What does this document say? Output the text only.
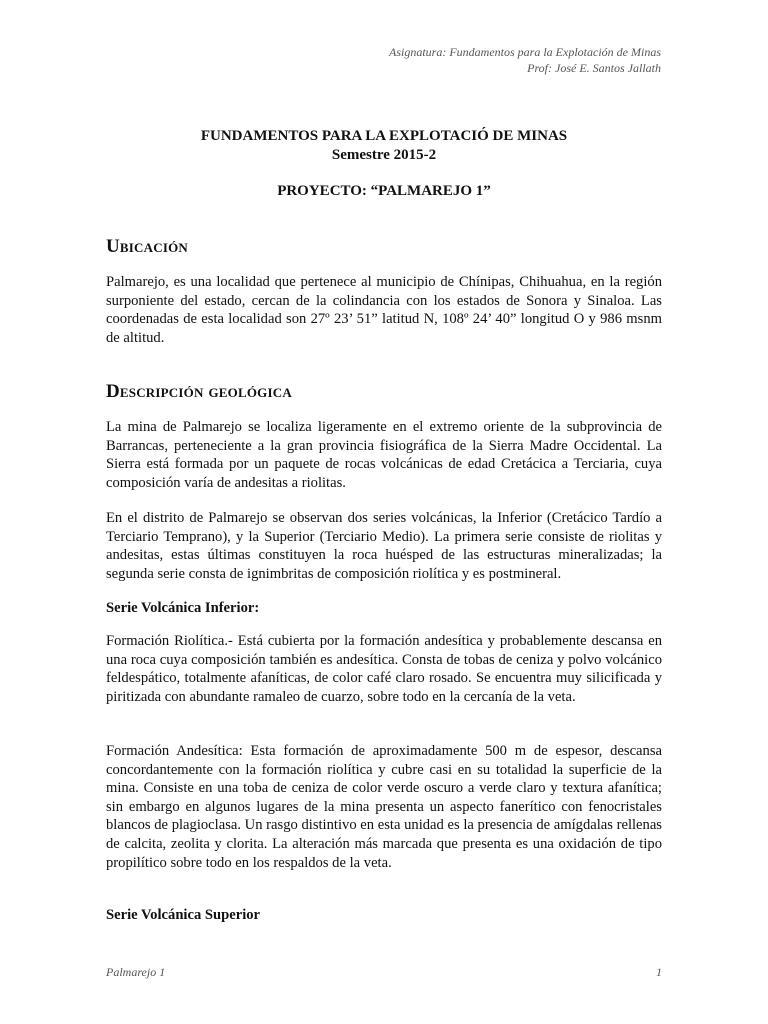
Asignatura: Fundamentos para la Explotación de Minas
Prof: José E. Santos Jallath
FUNDAMENTOS PARA LA EXPLOTACIÓ DE MINAS
Semestre 2015-2
PROYECTO: “PALMAREJO 1”
Ubicación

Palmarejo, es una localidad que pertenece al municipio de Chínipas, Chihuahua, en la región surponiente del estado, cercan de la colindancia con los estados de Sonora y Sinaloa. Las coordenadas de esta localidad son 27º 23’ 51” latitud N, 108º 24’ 40” longitud O y 986 msnm de altitud.

Descripción geológica

La mina de Palmarejo se localiza ligeramente en el extremo oriente de la subprovincia de Barrancas, perteneciente a la gran provincia fisiográfica de la Sierra Madre Occidental. La Sierra está formada por un paquete de rocas volcánicas de edad Cretácica a Terciaria, cuya composición varía de andesitas a riolitas.

En el distrito de Palmarejo se observan dos series volcánicas, la Inferior (Cretácico Tardío a Terciario Temprano), y la Superior (Terciario Medio). La primera serie consiste de riolitas y andesitas, estas últimas constituyen la roca huésped de las estructuras mineralizadas; la segunda serie consta de ignimbritas de composición riolítica y es postmineral.

Serie Volcánica Inferior:

Formación Riolítica.- Está cubierta por la formación andesítica y probablemente descansa en una roca cuya composición también es andesítica. Consta de tobas de ceniza y polvo volcánico feldespático, totalmente afaníticas, de color café claro rosado. Se encuentra muy silicificada y piritizada con abundante ramaleo de cuarzo, sobre todo en la cercanía de la veta.

Formación Andesítica: Esta formación de aproximadamente 500 m de espesor, descansa concordantemente con la formación riolítica y cubre casi en su totalidad la superficie de la mina. Consiste en una toba de ceniza de color verde oscuro a verde claro y textura afanítica; sin embargo en algunos lugares de la mina presenta un aspecto fanerítico con fenocristales blancos de plagioclasa. Un rasgo distintivo en esta unidad es la presencia de amígdalas rellenas de calcita, zeolita y clorita. La alteración más marcada que presenta es una oxidación de tipo propilítico sobre todo en los respaldos de la veta.

Serie Volcánica Superior
Palmarejo 1	1
